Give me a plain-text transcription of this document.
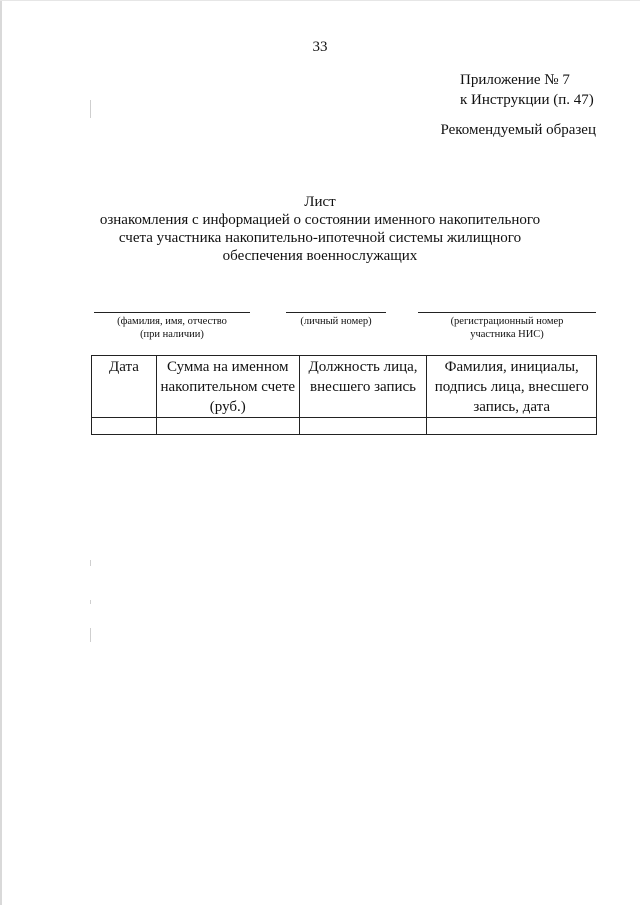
33
Приложение № 7
к Инструкции (п. 47)
Рекомендуемый образец
Лист
ознакомления с информацией о состоянии именного накопительного
счета участника накопительно-ипотечной системы жилищного
обеспечения военнослужащих
(фамилия, имя, отчество
(при наличии)
(личный номер)	(регистрационный номер
участника НИС)
Дата	Сумма на именном накопительном счете (руб.)	Должность лица, внесшего запись	Фамилия, инициалы, подпись лица, внесшего запись, дата
